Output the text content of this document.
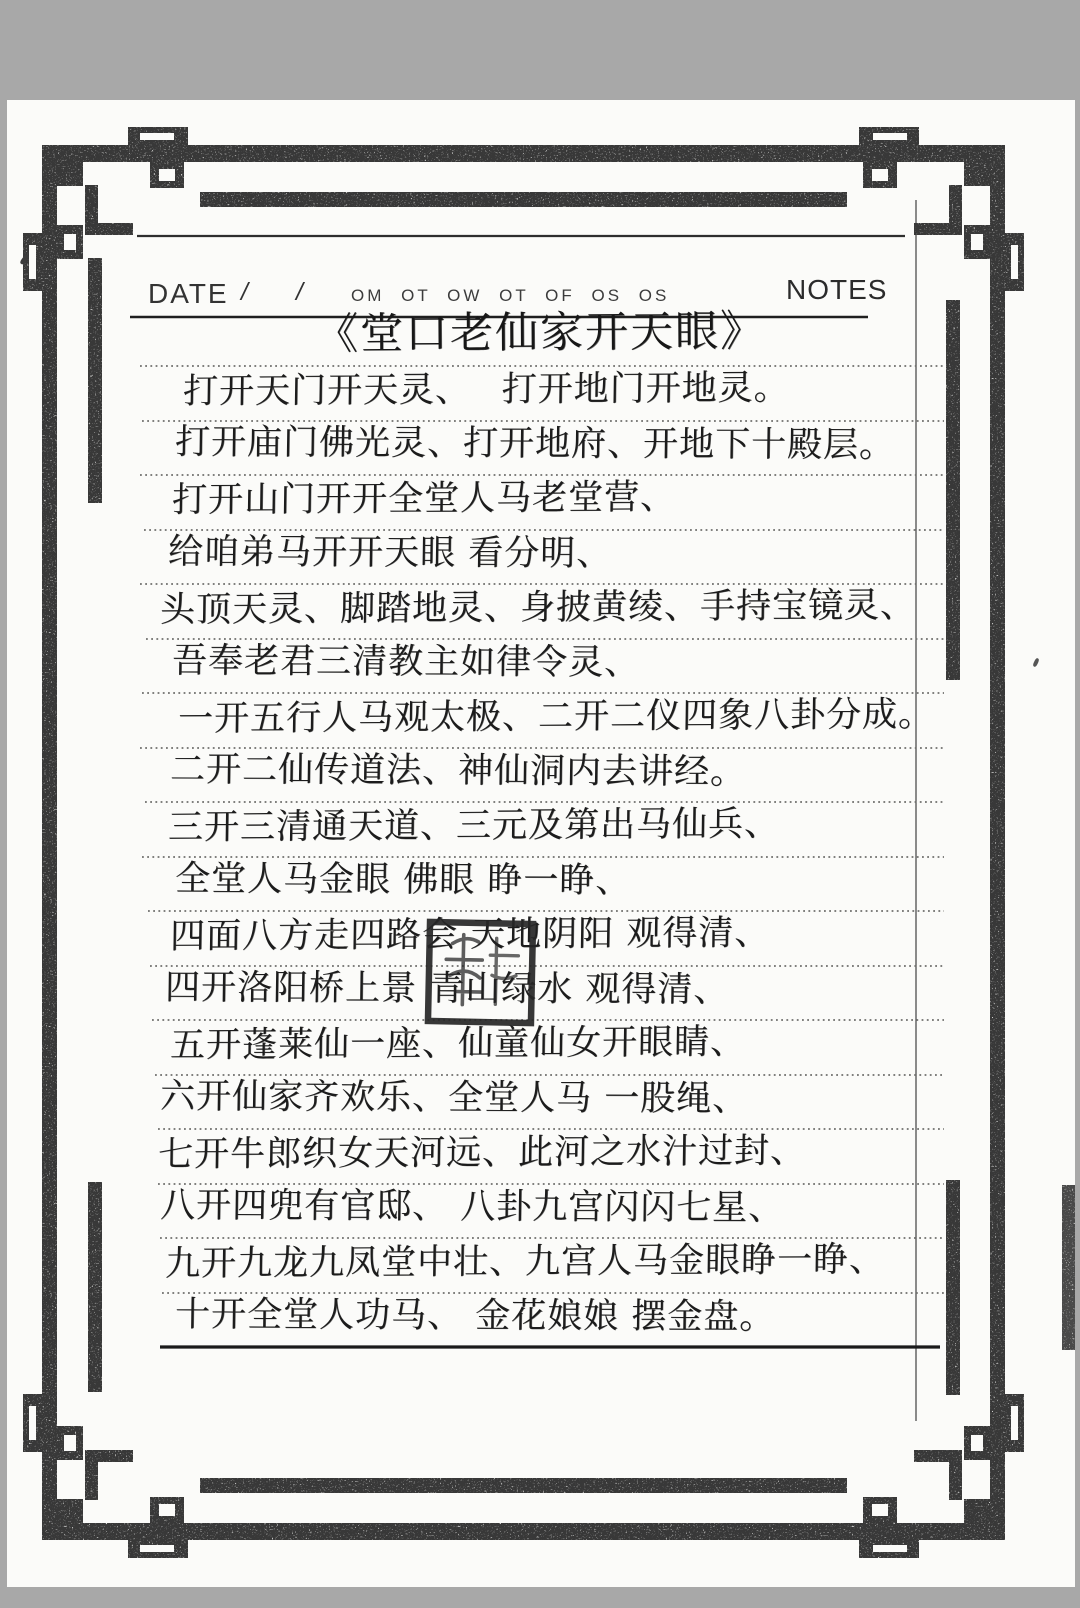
DATE / /	OM OT OW OT OF OS OS	NOTES
《堂口老仙家开天眼》
打开天门开天灵、　 打开地门开地灵。
打开庙门佛光灵、打开地府、开地下十殿层。
打开山门开开全堂人马老堂营、
给咱弟马开开天眼 看分明、
头顶天灵、脚踏地灵、身披黄绫、手持宝镜灵、
吾奉老君三清教主如律令灵、
一开五行人马观太极、二开二仪四象八卦分成。
二开二仙传道法、神仙洞内去讲经。
三开三清通天道、三元及第出马仙兵、
全堂人马金眼 佛眼 睁一睁、
四面八方走四路会 天地阴阳 观得清、
四开洛阳桥上景 青山绿水 观得清、
五开蓬莱仙一座、仙童仙女开眼睛、
六开仙家齐欢乐、全堂人马 一股绳、
七开牛郎织女天河远、此河之水汁过封、
八开四兜有官邸、 八卦九宫闪闪七星、
九开九龙九凤堂中壮、九宫人马金眼睁一睁、
十开全堂人功马、 金花娘娘 摆金盘。
